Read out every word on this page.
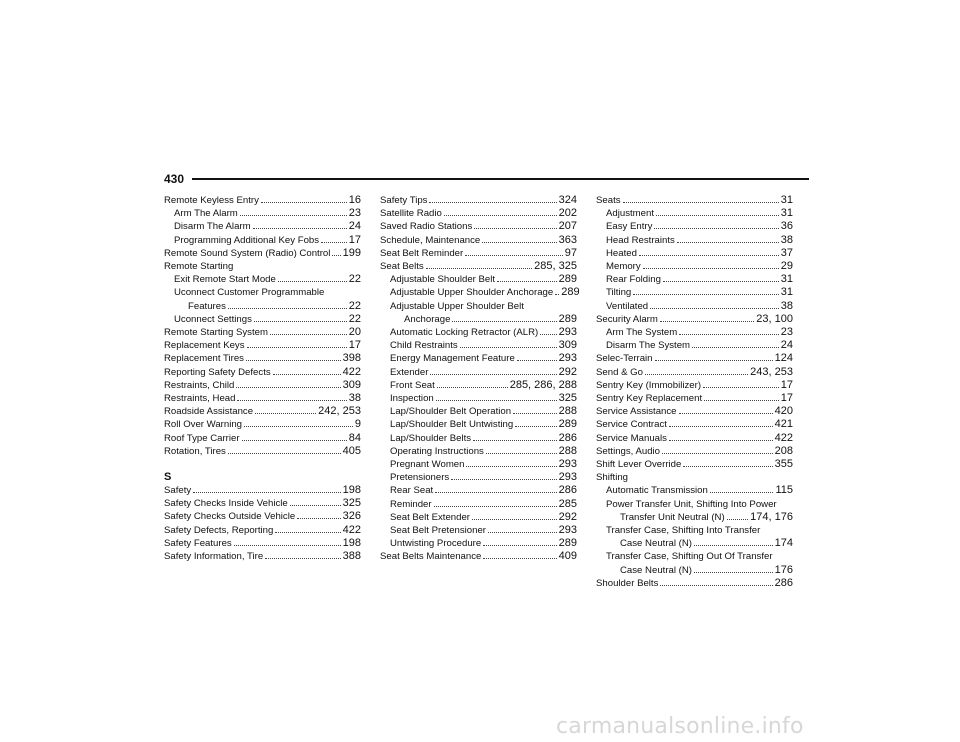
430
Remote Keyless Entry	16
Arm The Alarm	23
Disarm The Alarm	24
Programming Additional Key Fobs	17
Remote Sound System (Radio) Control 199
Remote Starting
Exit Remote Start Mode	22
Uconnect Customer Programmable
Features	22
Uconnect Settings	22
Remote Starting System	20
Replacement Keys	17
Replacement Tires	398
Reporting Safety Defects	422
Restraints, Child	309
Restraints, Head	38
Roadside Assistance	242, 253
Roll Over Warning	9
Roof Type Carrier	84
Rotation, Tires	405
S
Safety	198
Safety Checks Inside Vehicle	325
Safety Checks Outside Vehicle	326
Safety Defects, Reporting	422
Safety Features	198
Safety Information, Tire	388
Safety Tips	324
Satellite Radio	202
Saved Radio Stations	207
Schedule, Maintenance	363
Seat Belt Reminder	97
Seat Belts	285, 325
Adjustable Shoulder Belt	289
Adjustable Upper Shoulder Anchorage 289
Adjustable Upper Shoulder Belt
Anchorage	289
Automatic Locking Retractor (ALR) 293
Child Restraints	309
Energy Management Feature	293
Extender	292
Front Seat	285, 286, 288
Inspection	325
Lap/Shoulder Belt Operation	288
Lap/Shoulder Belt Untwisting	289
Lap/Shoulder Belts	286
Operating Instructions	288
Pregnant Women	293
Pretensioners	293
Rear Seat	286
Reminder	285
Seat Belt Extender	292
Seat Belt Pretensioner	293
Untwisting Procedure	289
Seat Belts Maintenance	409
Seats	31
Adjustment	31
Easy Entry	36
Head Restraints	38
Heated	37
Memory	29
Rear Folding	31
Tilting	31
Ventilated	38
Security Alarm	23, 100
Arm The System	23
Disarm The System	24
Selec-Terrain	124
Send & Go	243, 253
Sentry Key (Immobilizer)	17
Sentry Key Replacement	17
Service Assistance	420
Service Contract	421
Service Manuals	422
Settings, Audio	208
Shift Lever Override	355
Shifting
Automatic Transmission	115
Power Transfer Unit, Shifting Into Power
Transfer Unit Neutral (N) 174, 176
Transfer Case, Shifting Into Transfer
Case Neutral (N)	174
Transfer Case, Shifting Out Of Transfer
Case Neutral (N)	176
Shoulder Belts	286
carmanualsonline.info
